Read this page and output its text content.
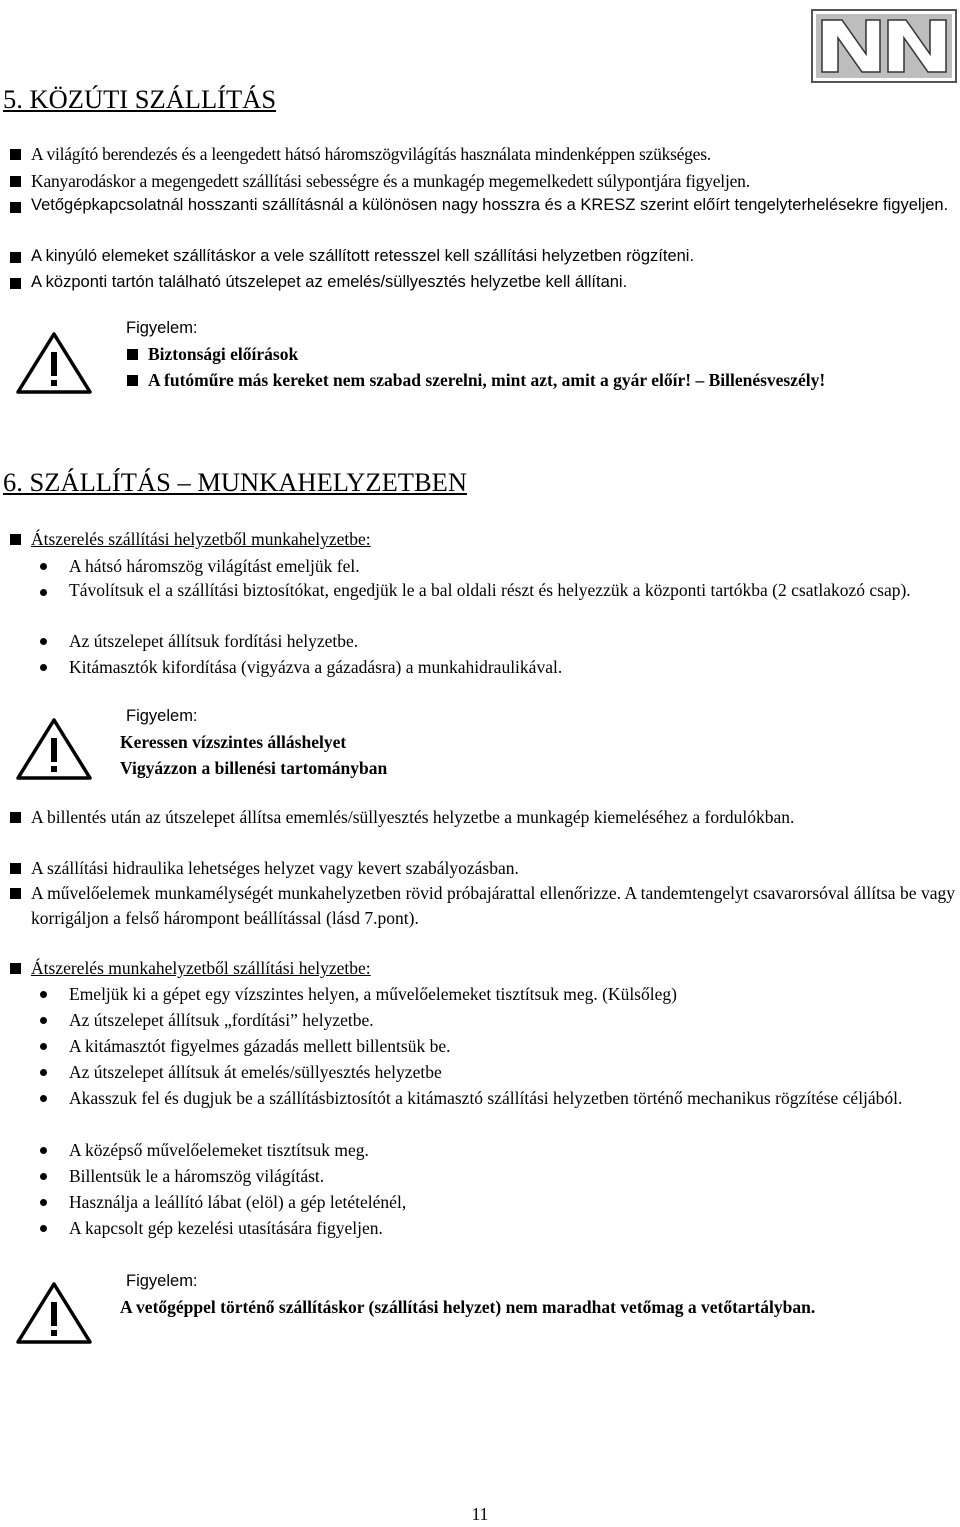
5. KÖZÚTI SZÁLLÍTÁS
A világító berendezés és a leengedett hátsó háromszögvilágítás használata mindenképpen szükséges.
Kanyarodáskor a megengedett szállítási sebességre és a munkagép megemelkedett súlypontjára figyeljen.
Vetőgépkapcsolatnál hosszanti szállításnál a különösen nagy hosszra és a KRESZ szerint előírt tengelyterhelésekre figyeljen.
A kinyúló elemeket szállításkor a vele szállított retesszel kell szállítási helyzetben rögzíteni.
A központi tartón található útszelepet az emelés/süllyesztés helyzetbe kell állítani.
Figyelem:
Biztonsági előírások
A futóműre más kereket nem szabad szerelni, mint azt, amit a gyár előír! – Billenésveszély!
6. SZÁLLÍTÁS – MUNKAHELYZETBEN
Átszerelés szállítási helyzetből munkahelyzetbe:
A hátsó háromszög világítást emeljük fel.
Távolítsuk el a szállítási biztosítókat, engedjük le a bal oldali részt és helyezzük a központi tartókba (2 csatlakozó csap).
Az útszelepet állítsuk fordítási helyzetbe.
Kitámasztók kifordítása (vigyázva a gázadásra) a munkahidraulikával.
Figyelem:
Keressen vízszintes álláshelyet
Vigyázzon a billenési tartományban
A billentés után az útszelepet állítsa ememlés/süllyesztés helyzetbe a munkagép kiemeléséhez a fordulókban.
A szállítási hidraulika lehetséges helyzet vagy kevert szabályozásban.
A művelőelemek munkamélységét munkahelyzetben rövid próbajárattal ellenőrizze. A tandemtengelyt csavarorsóval állítsa be vagy korrigáljon a felső hárompont beállítással (lásd 7.pont).
Átszerelés munkahelyzetből szállítási helyzetbe:
Emeljük ki a gépet egy vízszintes helyen, a művelőelemeket tisztítsuk meg. (Külsőleg)
Az útszelepet állítsuk „fordítási” helyzetbe.
A kitámasztót figyelmes gázadás mellett billentsük be.
Az útszelepet állítsuk át emelés/süllyesztés helyzetbe
Akasszuk fel és dugjuk be a szállításbiztosítót a kitámasztó szállítási helyzetben történő mechanikus rögzítése céljából.
A középső művelőelemeket tisztítsuk meg.
Billentsük le a háromszög világítást.
Használja a leállító lábat (elöl) a gép letételénél,
A kapcsolt gép kezelési utasítására figyeljen.
Figyelem:
A vetőgéppel történő szállításkor (szállítási helyzet) nem maradhat vetőmag a vetőtartályban.
11
